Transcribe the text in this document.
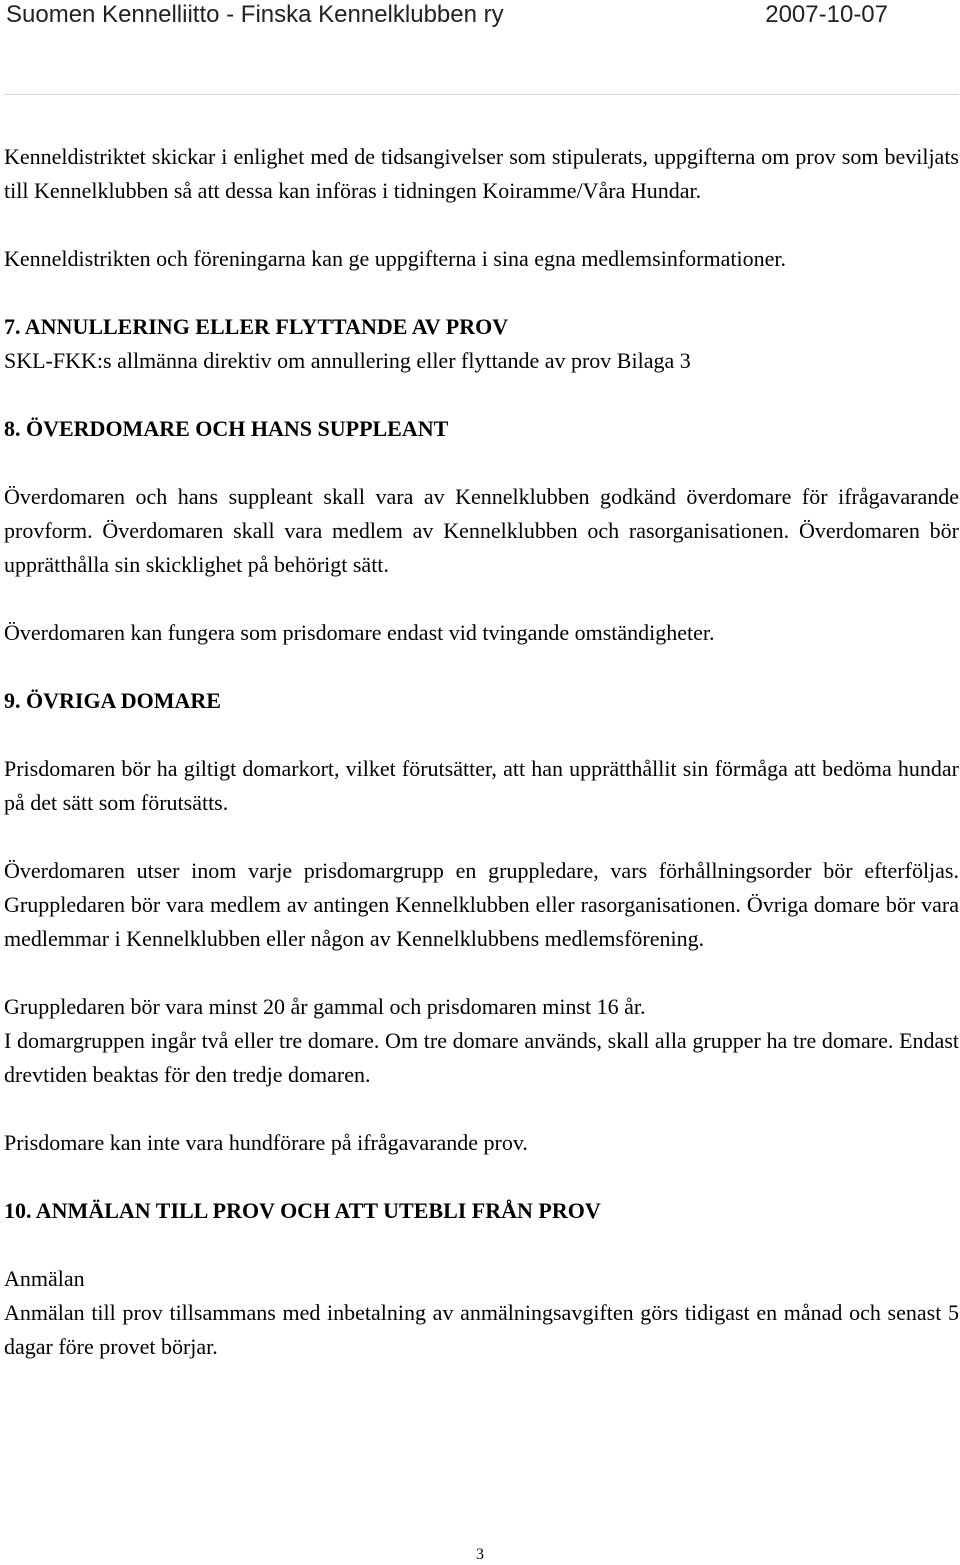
Suomen Kennelliitto - Finska Kennelklubben ry	2007-10-07

Kenneldistriktet skickar i enlighet med de tidsangivelser som stipulerats, uppgifterna om prov som beviljats till Kennelklubben så att dessa kan införas i tidningen Koiramme/Våra Hundar.

Kenneldistrikten och föreningarna kan ge uppgifterna i sina egna medlemsinformationer.

7. ANNULLERING ELLER FLYTTANDE AV PROV

SKL-FKK:s allmänna direktiv om annullering eller flyttande av prov Bilaga 3

8. ÖVERDOMARE OCH HANS SUPPLEANT

Överdomaren och hans suppleant skall vara av Kennelklubben godkänd överdomare för ifrågavarande provform. Överdomaren skall vara medlem av Kennelklubben och rasorganisationen. Överdomaren bör upprätthålla sin skicklighet på behörigt sätt.

Överdomaren kan fungera som prisdomare endast vid tvingande omständigheter.

9. ÖVRIGA DOMARE

Prisdomaren bör ha giltigt domarkort, vilket förutsätter, att han upprätthållit sin förmåga att bedöma hundar på det sätt som förutsätts.

Överdomaren utser inom varje prisdomargrupp en gruppledare, vars förhållningsorder bör efterföljas. Gruppledaren bör vara medlem av antingen Kennelklubben eller rasorganisationen. Övriga domare bör vara medlemmar i Kennelklubben eller någon av Kennelklubbens medlemsförening.

Gruppledaren bör vara minst 20 år gammal och prisdomaren minst 16 år.

I domargruppen ingår två eller tre domare. Om tre domare används, skall alla grupper ha tre domare. Endast drevtiden beaktas för den tredje domaren.

Prisdomare kan inte vara hundförare på ifrågavarande prov.

10. ANMÄLAN TILL PROV OCH ATT UTEBLI FRÅN PROV

Anmälan

Anmälan till prov tillsammans med inbetalning av anmälningsavgiften görs tidigast en månad och senast 5 dagar före provet börjar.

3
